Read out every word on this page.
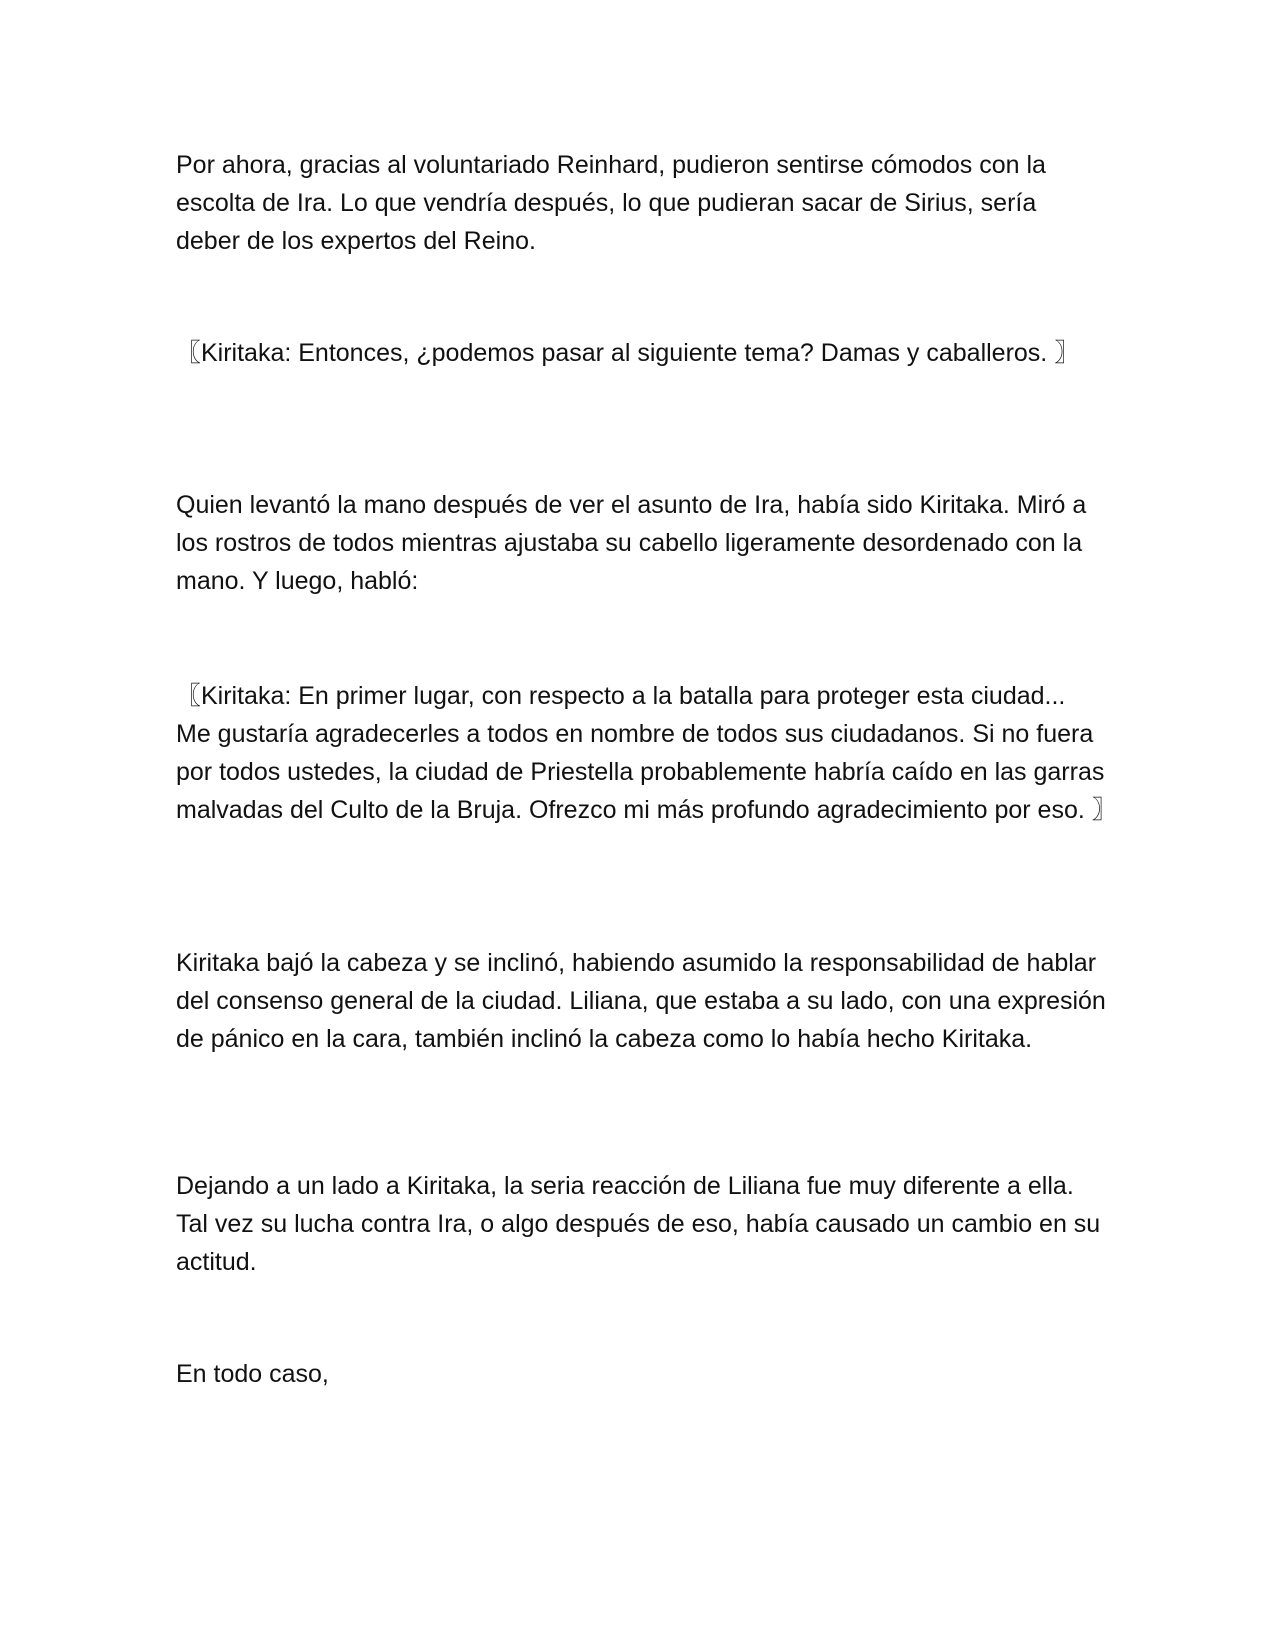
Por ahora, gracias al voluntariado Reinhard, pudieron sentirse cómodos con la escolta de Ira. Lo que vendría después, lo que pudieran sacar de Sirius, sería deber de los expertos del Reino.

〖Kiritaka: Entonces, ¿podemos pasar al siguiente tema? Damas y caballeros. 〗

Quien levantó la mano después de ver el asunto de Ira, había sido Kiritaka. Miró a los rostros de todos mientras ajustaba su cabello ligeramente desordenado con la mano. Y luego, habló:

〖Kiritaka: En primer lugar, con respecto a la batalla para proteger esta ciudad... Me gustaría agradecerles a todos en nombre de todos sus ciudadanos. Si no fuera por todos ustedes, la ciudad de Priestella probablemente habría caído en las garras malvadas del Culto de la Bruja. Ofrezco mi más profundo agradecimiento por eso. 〗

Kiritaka bajó la cabeza y se inclinó, habiendo asumido la responsabilidad de hablar del consenso general de la ciudad. Liliana, que estaba a su lado, con una expresión de pánico en la cara, también inclinó la cabeza como lo había hecho Kiritaka.

Dejando a un lado a Kiritaka, la seria reacción de Liliana fue muy diferente a ella. Tal vez su lucha contra Ira, o algo después de eso, había causado un cambio en su actitud.

En todo caso,
